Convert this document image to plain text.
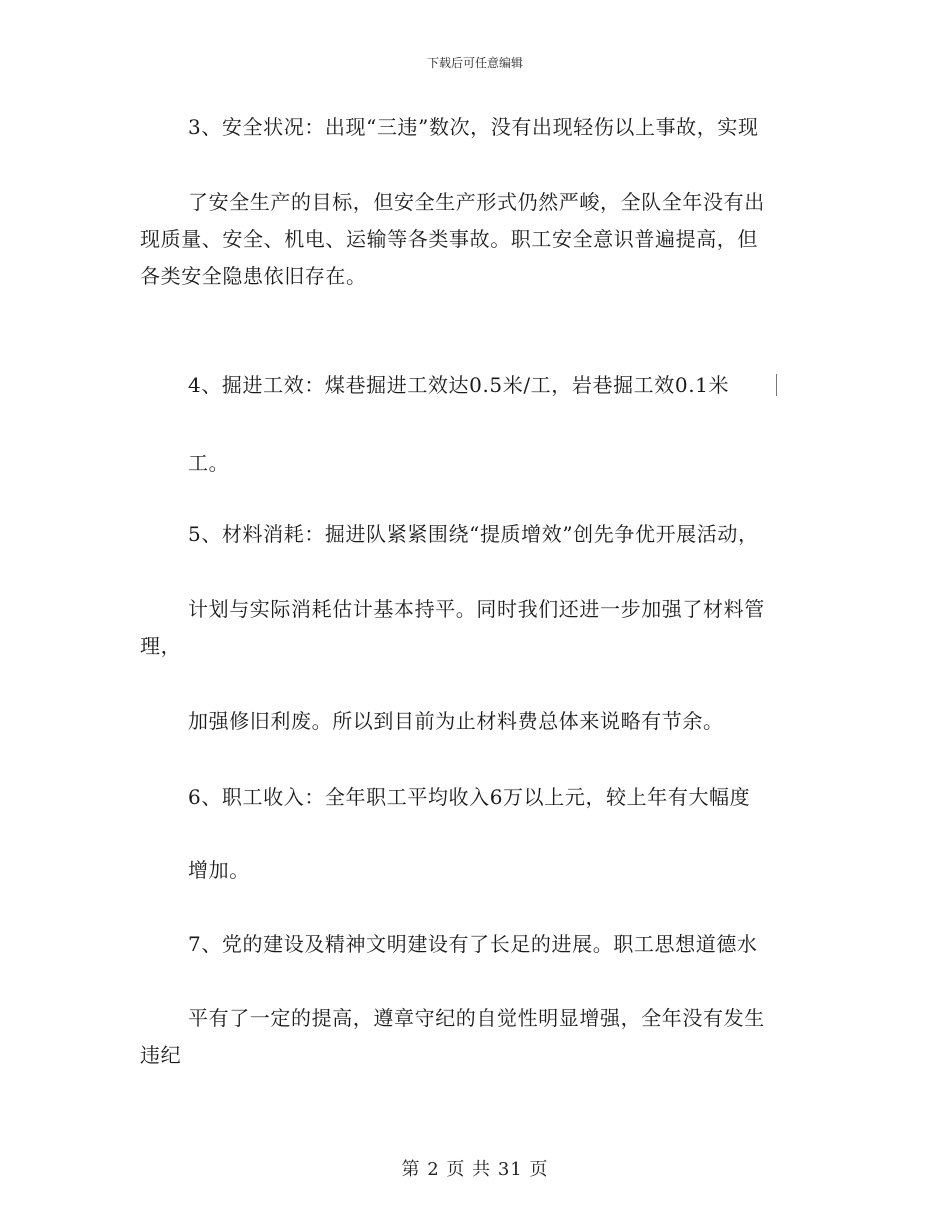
下载后可任意编辑
3、安全状况：出现“三违”数次，没有出现轻伤以上事故，实现
了安全生产的目标，但安全生产形式仍然严峻，全队全年没有出
现质量、安全、机电、运输等各类事故。职工安全意识普遍提高，但
各类安全隐患依旧存在。
4、掘进工效：煤巷掘进工效达0.5米/工，岩巷掘工效0.1米
工。
5、材料消耗：掘进队紧紧围绕“提质增效”创先争优开展活动，
计划与实际消耗估计基本持平。同时我们还进一步加强了材料管
理，
加强修旧利废。所以到目前为止材料费总体来说略有节余。
6、职工收入：全年职工平均收入6万以上元，较上年有大幅度
增加。
7、党的建设及精神文明建设有了长足的进展。职工思想道德水
平有了一定的提高，遵章守纪的自觉性明显增强，全年没有发生
违纪
第 2 页 共 31 页
